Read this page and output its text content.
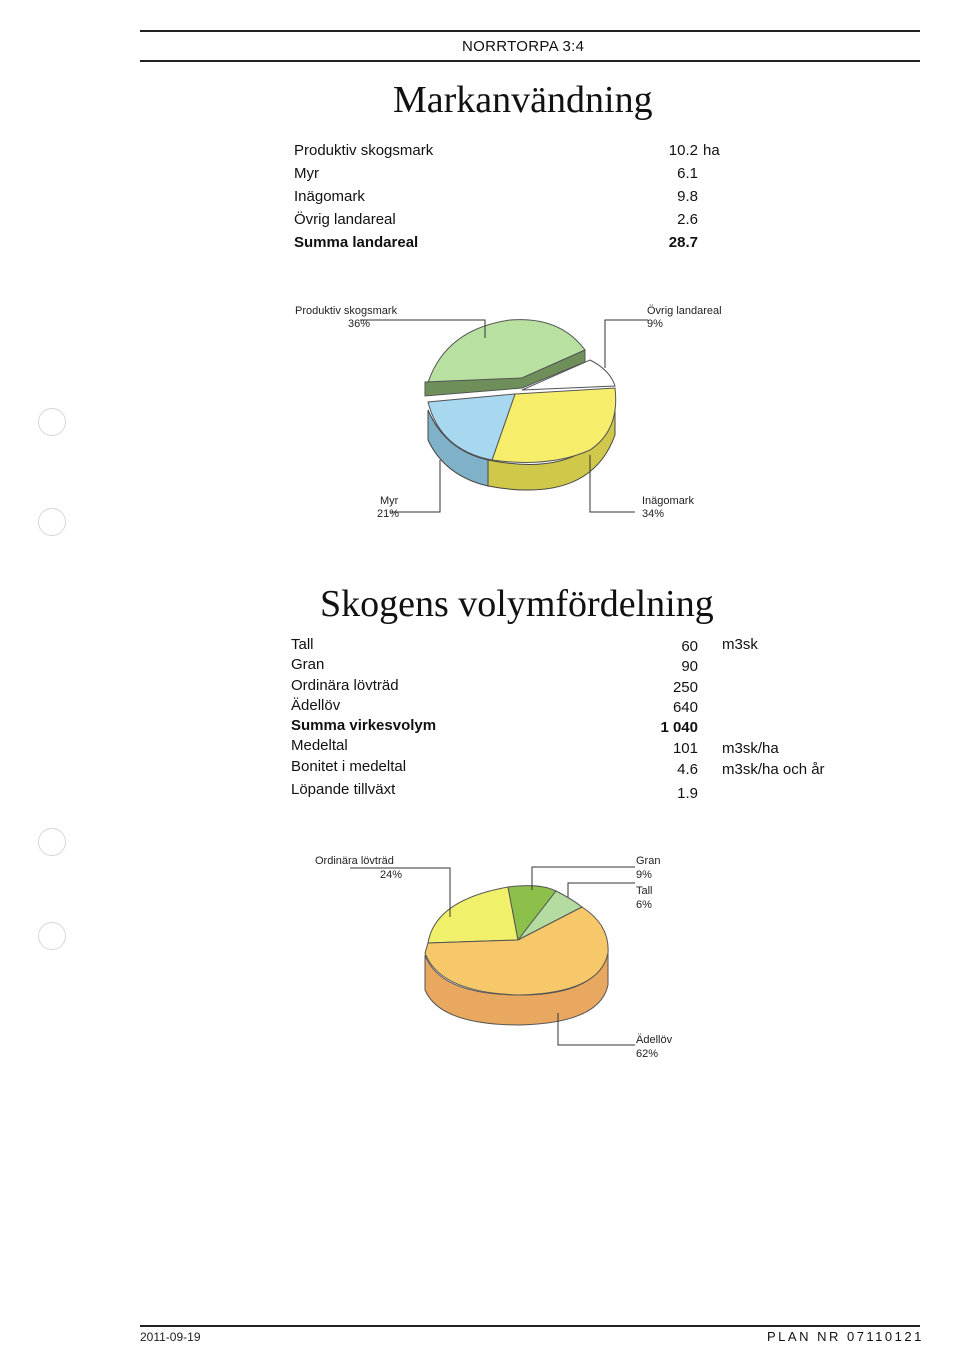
NORRTORPA 3:4
Markanvändning
Produktiv skogsmark	10.2 ha
Myr	6.1
Inägomark	9.8
Övrig landareal	2.6
Summa landareal	28.7
Produktiv skogsmark
36%
Övrig landareal
9%
Myr
21%
Inägomark
34%
Skogens volymfördelning
Tall	60 m3sk
Gran	90
Ordinära lövträd	250
Ädellöv	640
Summa virkesvolym	1 040
Medeltal	101 m3sk/ha
Bonitet i medeltal	4.6 m3sk/ha och år
Löpande tillväxt	1.9
Ordinära lövträd
24%
Gran
9%
Tall
6%
Ädellöv
62%
2011-09-19	PLAN NR 07110121
